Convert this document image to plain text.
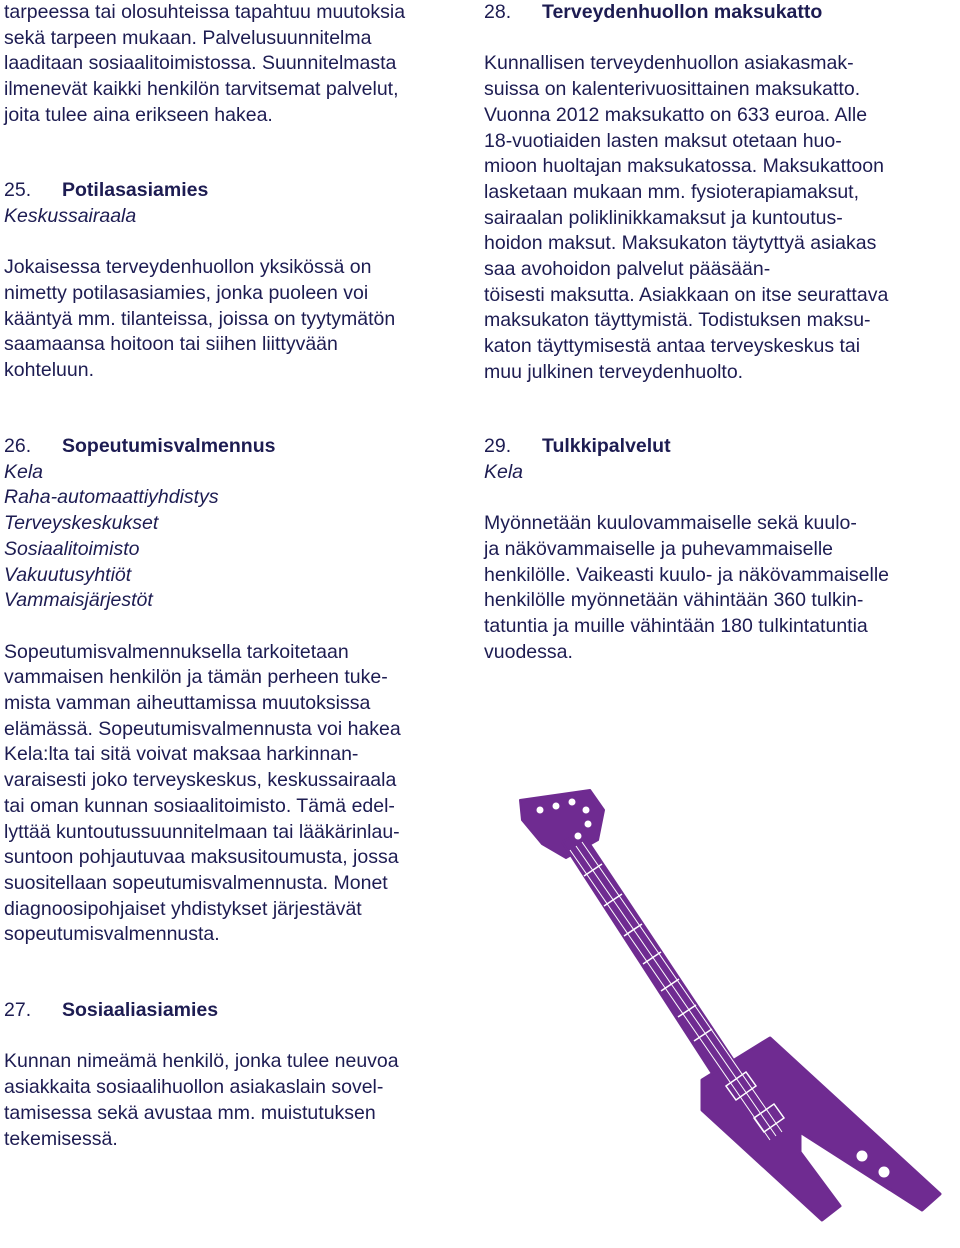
tarpeessa tai olosuhteissa tapahtuu muutoksia
sekä tarpeen mukaan. Palvelusuunnitelma
laaditaan sosiaalitoimistossa. Suunnitelmasta
ilmenevät kaikki henkilön tarvitsemat palvelut,
joita tulee aina erikseen hakea.
25.	Potilasasiamies
Keskussairaala
Jokaisessa terveydenhuollon yksikössä on
nimetty potilasasiamies, jonka puoleen voi
kääntyä mm. tilanteissa, joissa on tyytymätön
saamaansa hoitoon tai siihen liittyvään
kohteluun.
26.	Sopeutumisvalmennus
Kela
Raha-automaattiyhdistys
Terveyskeskukset
Sosiaalitoimisto
Vakuutusyhtiöt
Vammaisjärjestöt
Sopeutumisvalmennuksella tarkoitetaan
vammaisen henkilön ja tämän perheen tuke-
mista vamman aiheuttamissa muutoksissa
elämässä. Sopeutumisvalmennusta voi hakea
Kela:lta tai sitä voivat maksaa harkinnan-
varaisesti joko terveyskeskus, keskussairaala
tai oman kunnan sosiaalitoimisto. Tämä edel-
lyttää kuntoutussuunnitelmaan tai lääkärinlau-
suntoon pohjautuvaa maksusitoumusta, jossa
suositellaan sopeutumisvalmennusta. Monet
diagnoosipohjaiset yhdistykset järjestävät
sopeutumisvalmennusta.
27.	Sosiaaliasiamies
Kunnan nimeämä henkilö, jonka tulee neuvoa
asiakkaita sosiaalihuollon asiakaslain sovel-
tamisessa sekä avustaa mm. muistutuksen
tekemisessä.
28.	Terveydenhuollon maksukatto
Kunnallisen terveydenhuollon asiakasmak-
suissa on kalenterivuosittainen maksukatto.
Vuonna 2012 maksukatto on 633 euroa. Alle
18-vuotiaiden lasten maksut otetaan huo-
mioon huoltajan maksukatossa. Maksukattoon
lasketaan mukaan mm. fysioterapiamaksut,
sairaalan poliklinikkamaksut ja kuntoutus-
hoidon maksut. Maksukaton täytyttyä asiakas
saa avohoidon palvelut pääsään-
töisesti maksutta. Asiakkaan on itse seurattava
maksukaton täyttymistä. Todistuksen maksu-
katon täyttymisestä antaa terveyskeskus tai
muu julkinen terveydenhuolto.
29.	Tulkkipalvelut
Kela
Myönnetään kuulovammaiselle sekä kuulo-
ja näkövammaiselle ja puhevammaiselle
henkilölle. Vaikeasti kuulo- ja näkövammaiselle
henkilölle myönnetään vähintään 360 tulkin-
tatuntia ja muille vähintään 180 tulkintatuntia
vuodessa.
